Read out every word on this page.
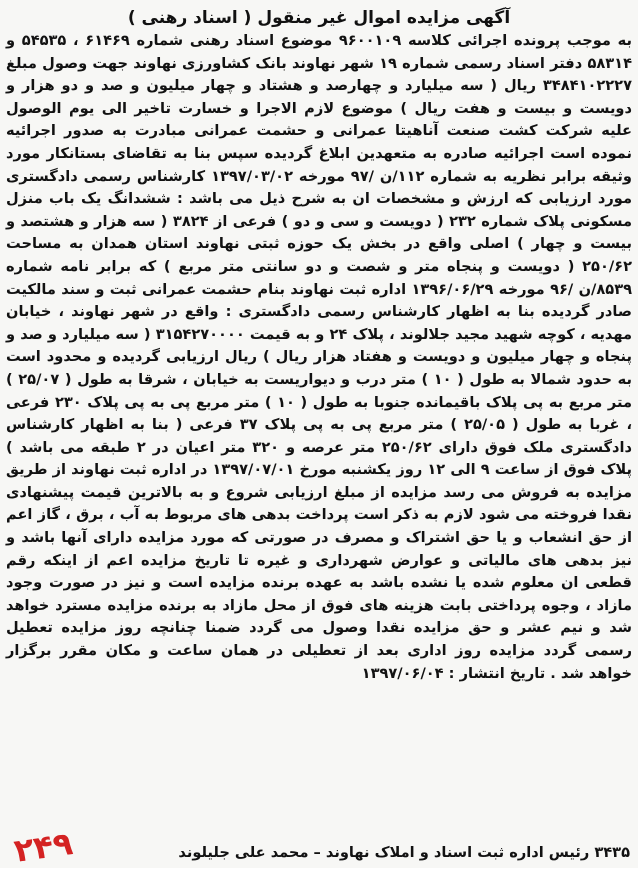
آگهی مزایده اموال غیر منقول ( اسناد رهنی )

به موجب پرونده اجرائی کلاسه ۹۶۰۰۱۰۹ موضوع اسناد رهنی شماره ۶۱۴۶۹ ، ۵۴۵۳۵ و ۵۸۳۱۴ دفتر اسناد رسمی شماره ۱۹ شهر نهاوند بانک کشاورزی نهاوند جهت وصول مبلغ ۳۴۸۴۱۰۲۲۲۷ ریال ( سه میلیارد و چهارصد و هشتاد و چهار میلیون و صد و دو هزار و دویست و بیست و هفت ریال ) موضوع لازم الاجرا و خسارت تاخیر الی یوم الوصول علیه شرکت کشت صنعت آناهیتا عمرانی و حشمت عمرانی مبادرت به صدور اجرائیه نموده است اجرائیه صادره به متعهدین ابلاغ گردیده سپس بنا به تقاضای بستانکار مورد وثیقه برابر نظریه به شماره ۱۱۲/ن /۹۷ مورخه ۱۳۹۷/۰۳/۰۲ کارشناس رسمی دادگستری مورد ارزیابی که ارزش و مشخصات ان به شرح ذیل می باشد : ششدانگ یک باب منزل مسکونی پلاک شماره ۲۳۲ ( دویست و سی و دو ) فرعی از ۳۸۲۴ ( سه هزار و هشتصد و بیست و چهار ) اصلی واقع در بخش یک حوزه ثبتی نهاوند استان همدان به مساحت ۲۵۰/۶۲ ( دویست و پنجاه متر و شصت و دو سانتی متر مربع ) که برابر نامه شماره ۸۵۳۹/ن /۹۶ مورخه ۱۳۹۶/۰۶/۲۹ اداره ثبت نهاوند بنام حشمت عمرانی ثبت و سند مالکیت صادر گردیده بنا به اظهار کارشناس رسمی دادگستری : واقع در شهر نهاوند ، خیابان مهدیه ، کوچه شهید مجید جلالوند ، پلاک ۲۴ و به قیمت ۳۱۵۴۲۷۰۰۰۰ ( سه میلیارد و صد و پنجاه و چهار میلیون و دویست و هفتاد هزار ریال ) ریال ارزیابی گردیده و محدود است به حدود شمالا به طول ( ۱۰ ) متر درب و دیواریست به خیابان ، شرقا به طول ( ۲۵/۰۷ ) متر مربع به پی پلاک باقیمانده جنوبا به طول ( ۱۰ ) متر مربع پی به پی پلاک ۲۳۰ فرعی ، غربا به طول ( ۲۵/۰۵ ) متر مربع پی به پی پلاک ۳۷ فرعی ( بنا به اظهار کارشناس دادگستری ملک فوق دارای ۲۵۰/۶۲ متر عرصه و ۳۲۰ متر اعیان در ۲ طبقه می باشد ) پلاک فوق از ساعت ۹ الی ۱۲ روز یکشنبه مورخ ۱۳۹۷/۰۷/۰۱ در اداره ثبت نهاوند از طریق مزایده به فروش می رسد مزایده از مبلغ ارزیابی شروع و به بالاترین قیمت پیشنهادی نقدا فروخته می شود لازم به ذکر است پرداخت بدهی های مربوط به آب ، برق ، گاز اعم از حق انشعاب و یا حق اشتراک و مصرف در صورتی که مورد مزایده دارای آنها باشد و نیز بدهی های مالیاتی و عوارض شهرداری و غیره تا تاریخ مزایده اعم از اینکه رقم قطعی ان معلوم شده یا نشده باشد به عهده برنده مزایده است و نیز در صورت وجود مازاد ، وجوه پرداختی بابت هزینه های فوق از محل مازاد به برنده مزایده مسترد خواهد شد و نیم عشر و حق مزایده نقدا وصول می گردد ضمنا چنانچه روز مزایده تعطیل رسمی گردد مزایده روز اداری بعد از تعطیلی در همان ساعت و مکان مقرر برگزار خواهد شد . تاریخ انتشار : ۱۳۹۷/۰۶/۰۴

۳۴۳۵ رئیس اداره ثبت اسناد و املاک نهاوند – محمد علی جلیلوند
۲۴۹
